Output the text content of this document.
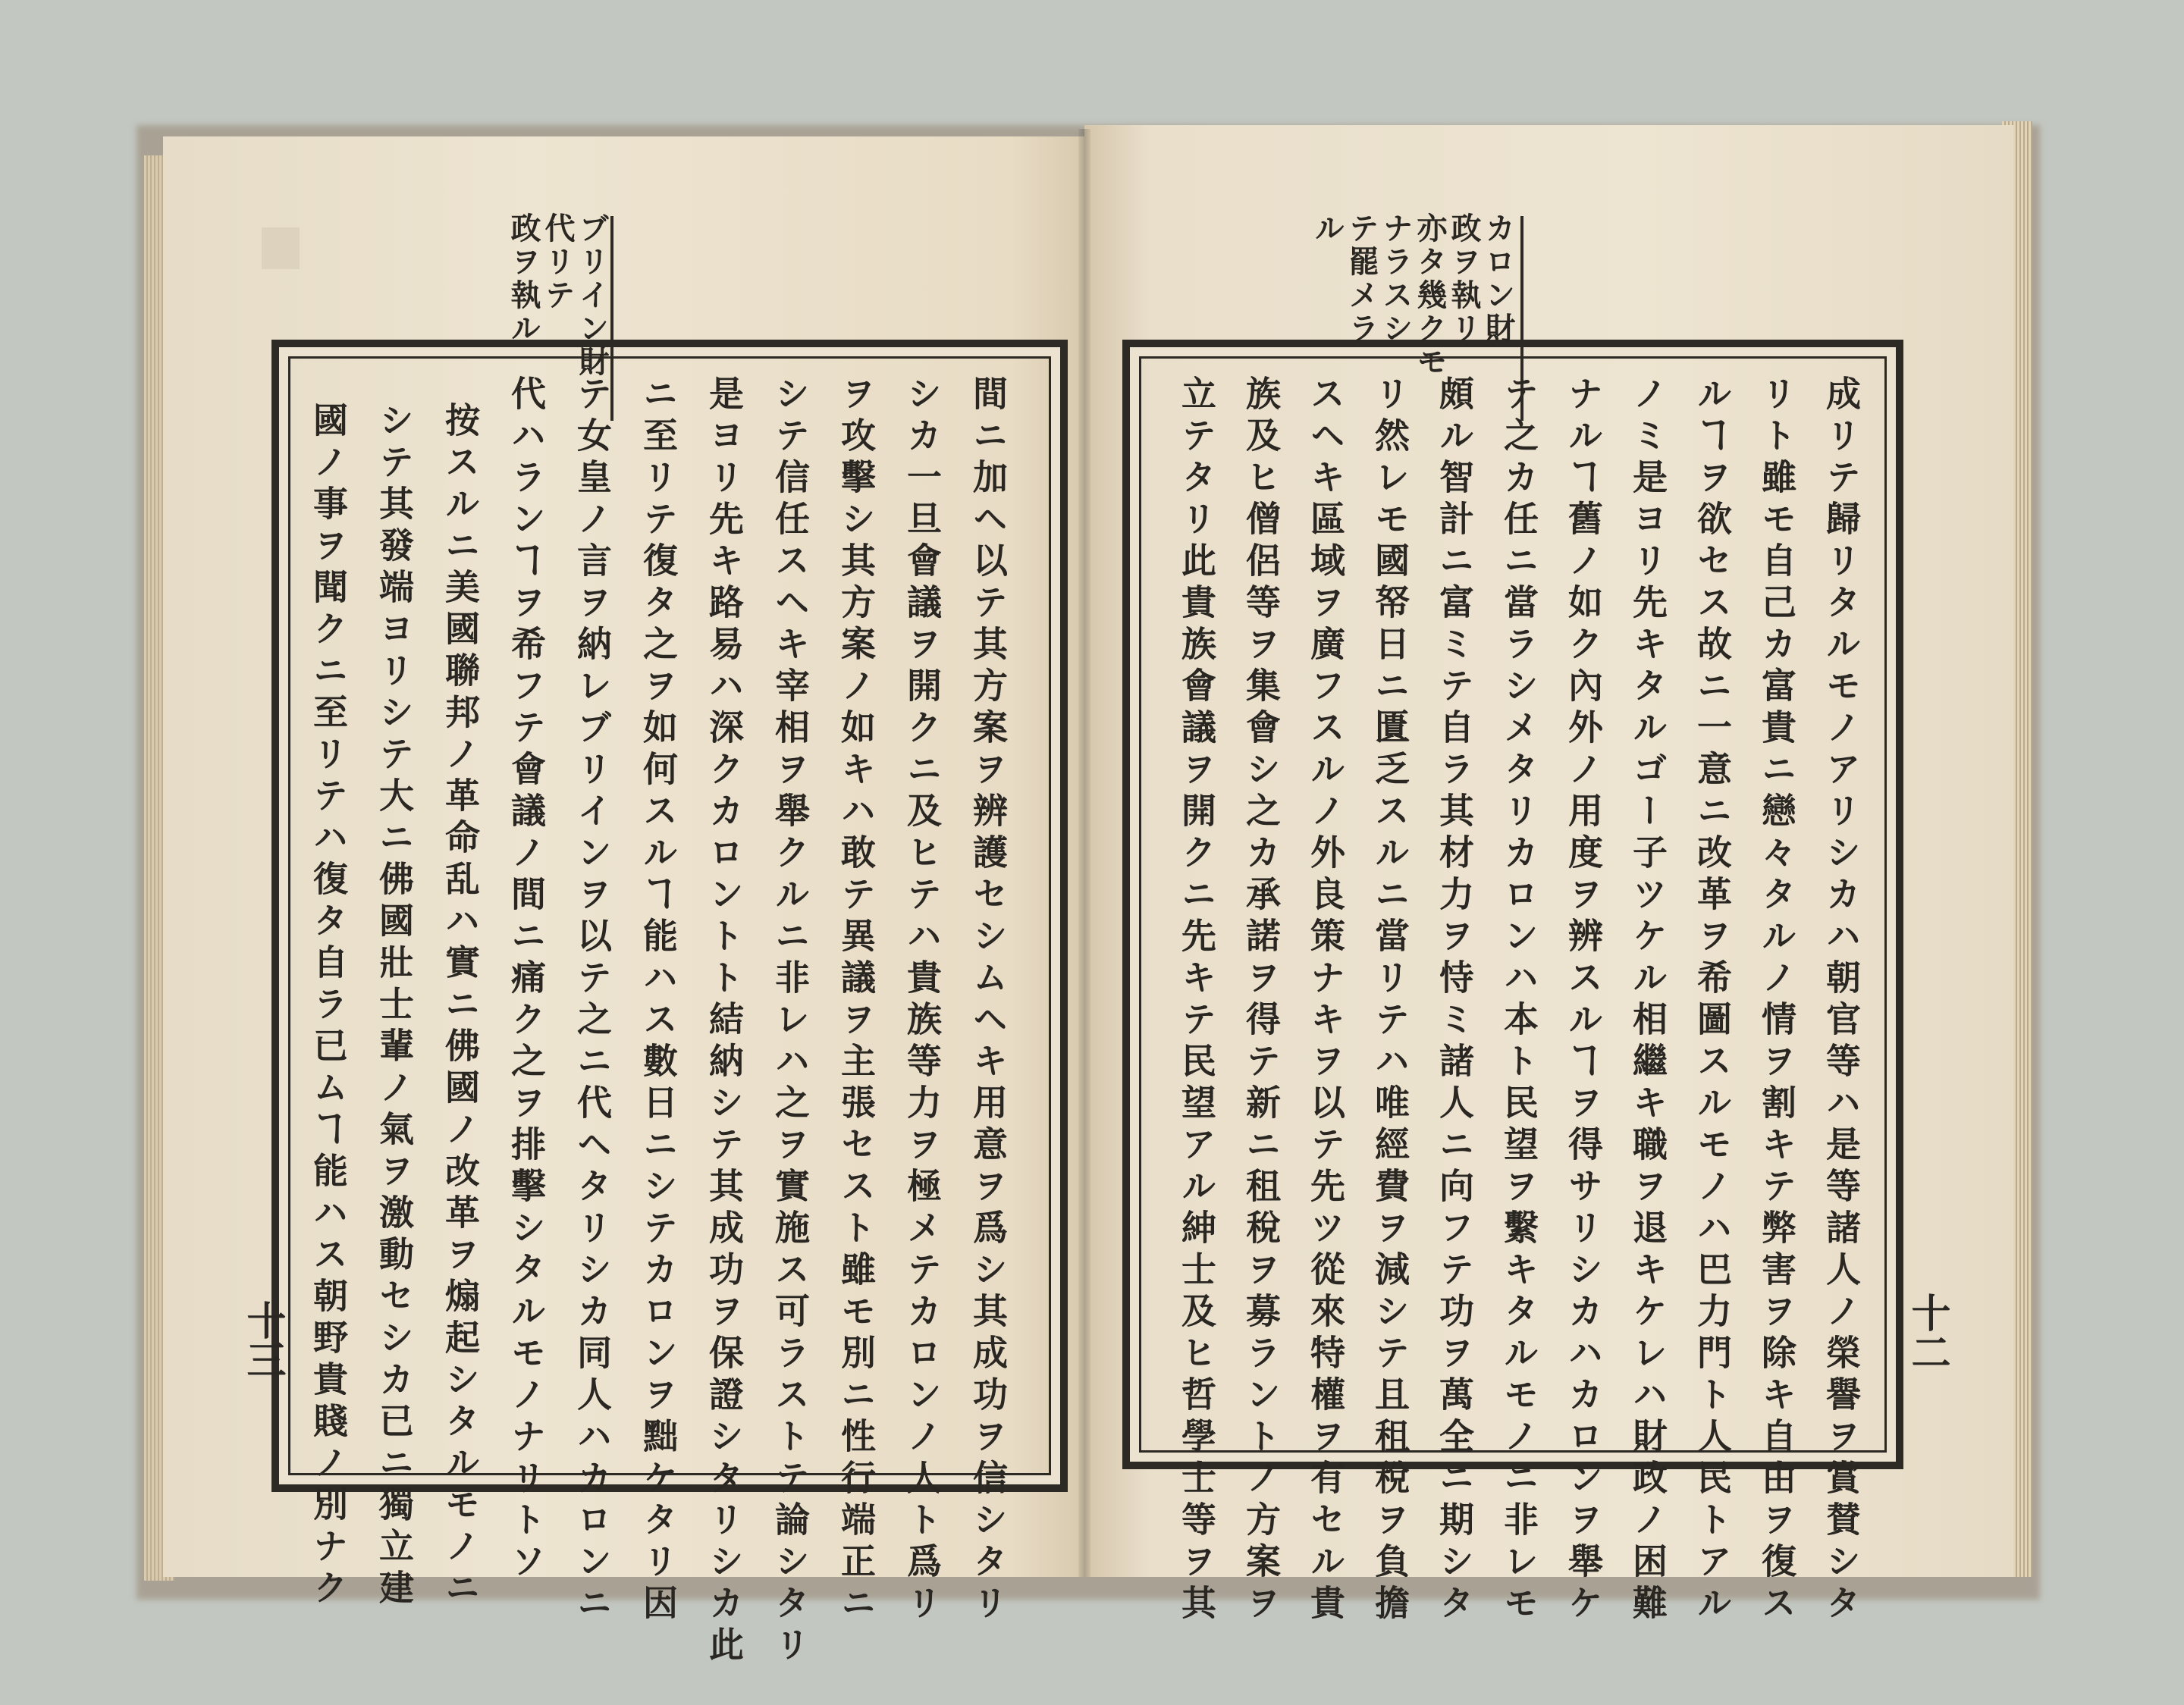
カロン財
政ヲ執リ
亦タ幾クモ
ナラスシ
テ罷メラ
ル
成リテ歸リタルモノアリシカハ朝官等ハ是等諸人ノ榮譽ヲ賞賛シタ
リト雖モ自己カ富貴ニ戀々タルノ情ヲ割キテ弊害ヲ除キ自由ヲ復ス
ルヿヲ欲セス故ニ一意ニ改革ヲ希圖スルモノハ巴力門ト人民トアル
ノミ是ヨリ先キタルゴー子ツケル相繼キ職ヲ退キケレハ財政ノ困難
ナルヿ舊ノ如ク內外ノ用度ヲ辨スルヿヲ得サリシカハカロンヲ舉ケ
テ之カ任ニ當ラシメタリカロンハ本ト民望ヲ繫キタルモノニ非レモ
頗ル智計ニ富ミテ自ラ其材力ヲ恃ミ諸人ニ向フテ功ヲ萬全ニ期シタ
リ然レモ國帑日ニ匱乏スルニ當リテハ唯經費ヲ減シテ且租稅ヲ負擔
スヘキ區域ヲ廣フスルノ外良策ナキヲ以テ先ツ從來特權ヲ有セル貴
族及ヒ僧侶等ヲ集會シ之カ承諾ヲ得テ新ニ租稅ヲ募ラントノ方案ヲ
立テタリ此貴族會議ヲ開クニ先キテ民望アル紳士及ヒ哲學士等ヲ其	十二
ブリイン財
代リテ
政ヲ執ル
間ニ加ヘ以テ其方案ヲ辨護セシムヘキ用意ヲ爲シ其成功ヲ信シタリ
シカ一旦會議ヲ開クニ及ヒテハ貴族等力ヲ極メテカロンノ人ト爲リ
ヲ攻擊シ其方案ノ如キハ敢テ異議ヲ主張セスト雖モ別ニ性行端正ニ
シテ信任スヘキ宰相ヲ舉クルニ非レハ之ヲ實施ス可ラストテ論シタリ
是ヨリ先キ路易ハ深クカロントト結納シテ其成功ヲ保證シタリシカ此
ニ至リテ復タ之ヲ如何スルヿ能ハス數日ニシテカロンヲ黜ケタリ因
テ女皇ノ言ヲ納レブリインヲ以テ之ニ代ヘタリシカ同人ハカロンニ
代ハランヿヲ希フテ會議ノ間ニ痛ク之ヲ排擊シタルモノナリトソ
按スルニ美國聯邦ノ革命乱ハ實ニ佛國ノ改革ヲ煽起シタルモノニ
シテ其發端ヨリシテ大ニ佛國壯士輩ノ氣ヲ激動セシカ已ニ獨立建
國ノ事ヲ聞クニ至リテハ復タ自ラ已ムヿ能ハス朝野貴賤ノ別ナク
十三
